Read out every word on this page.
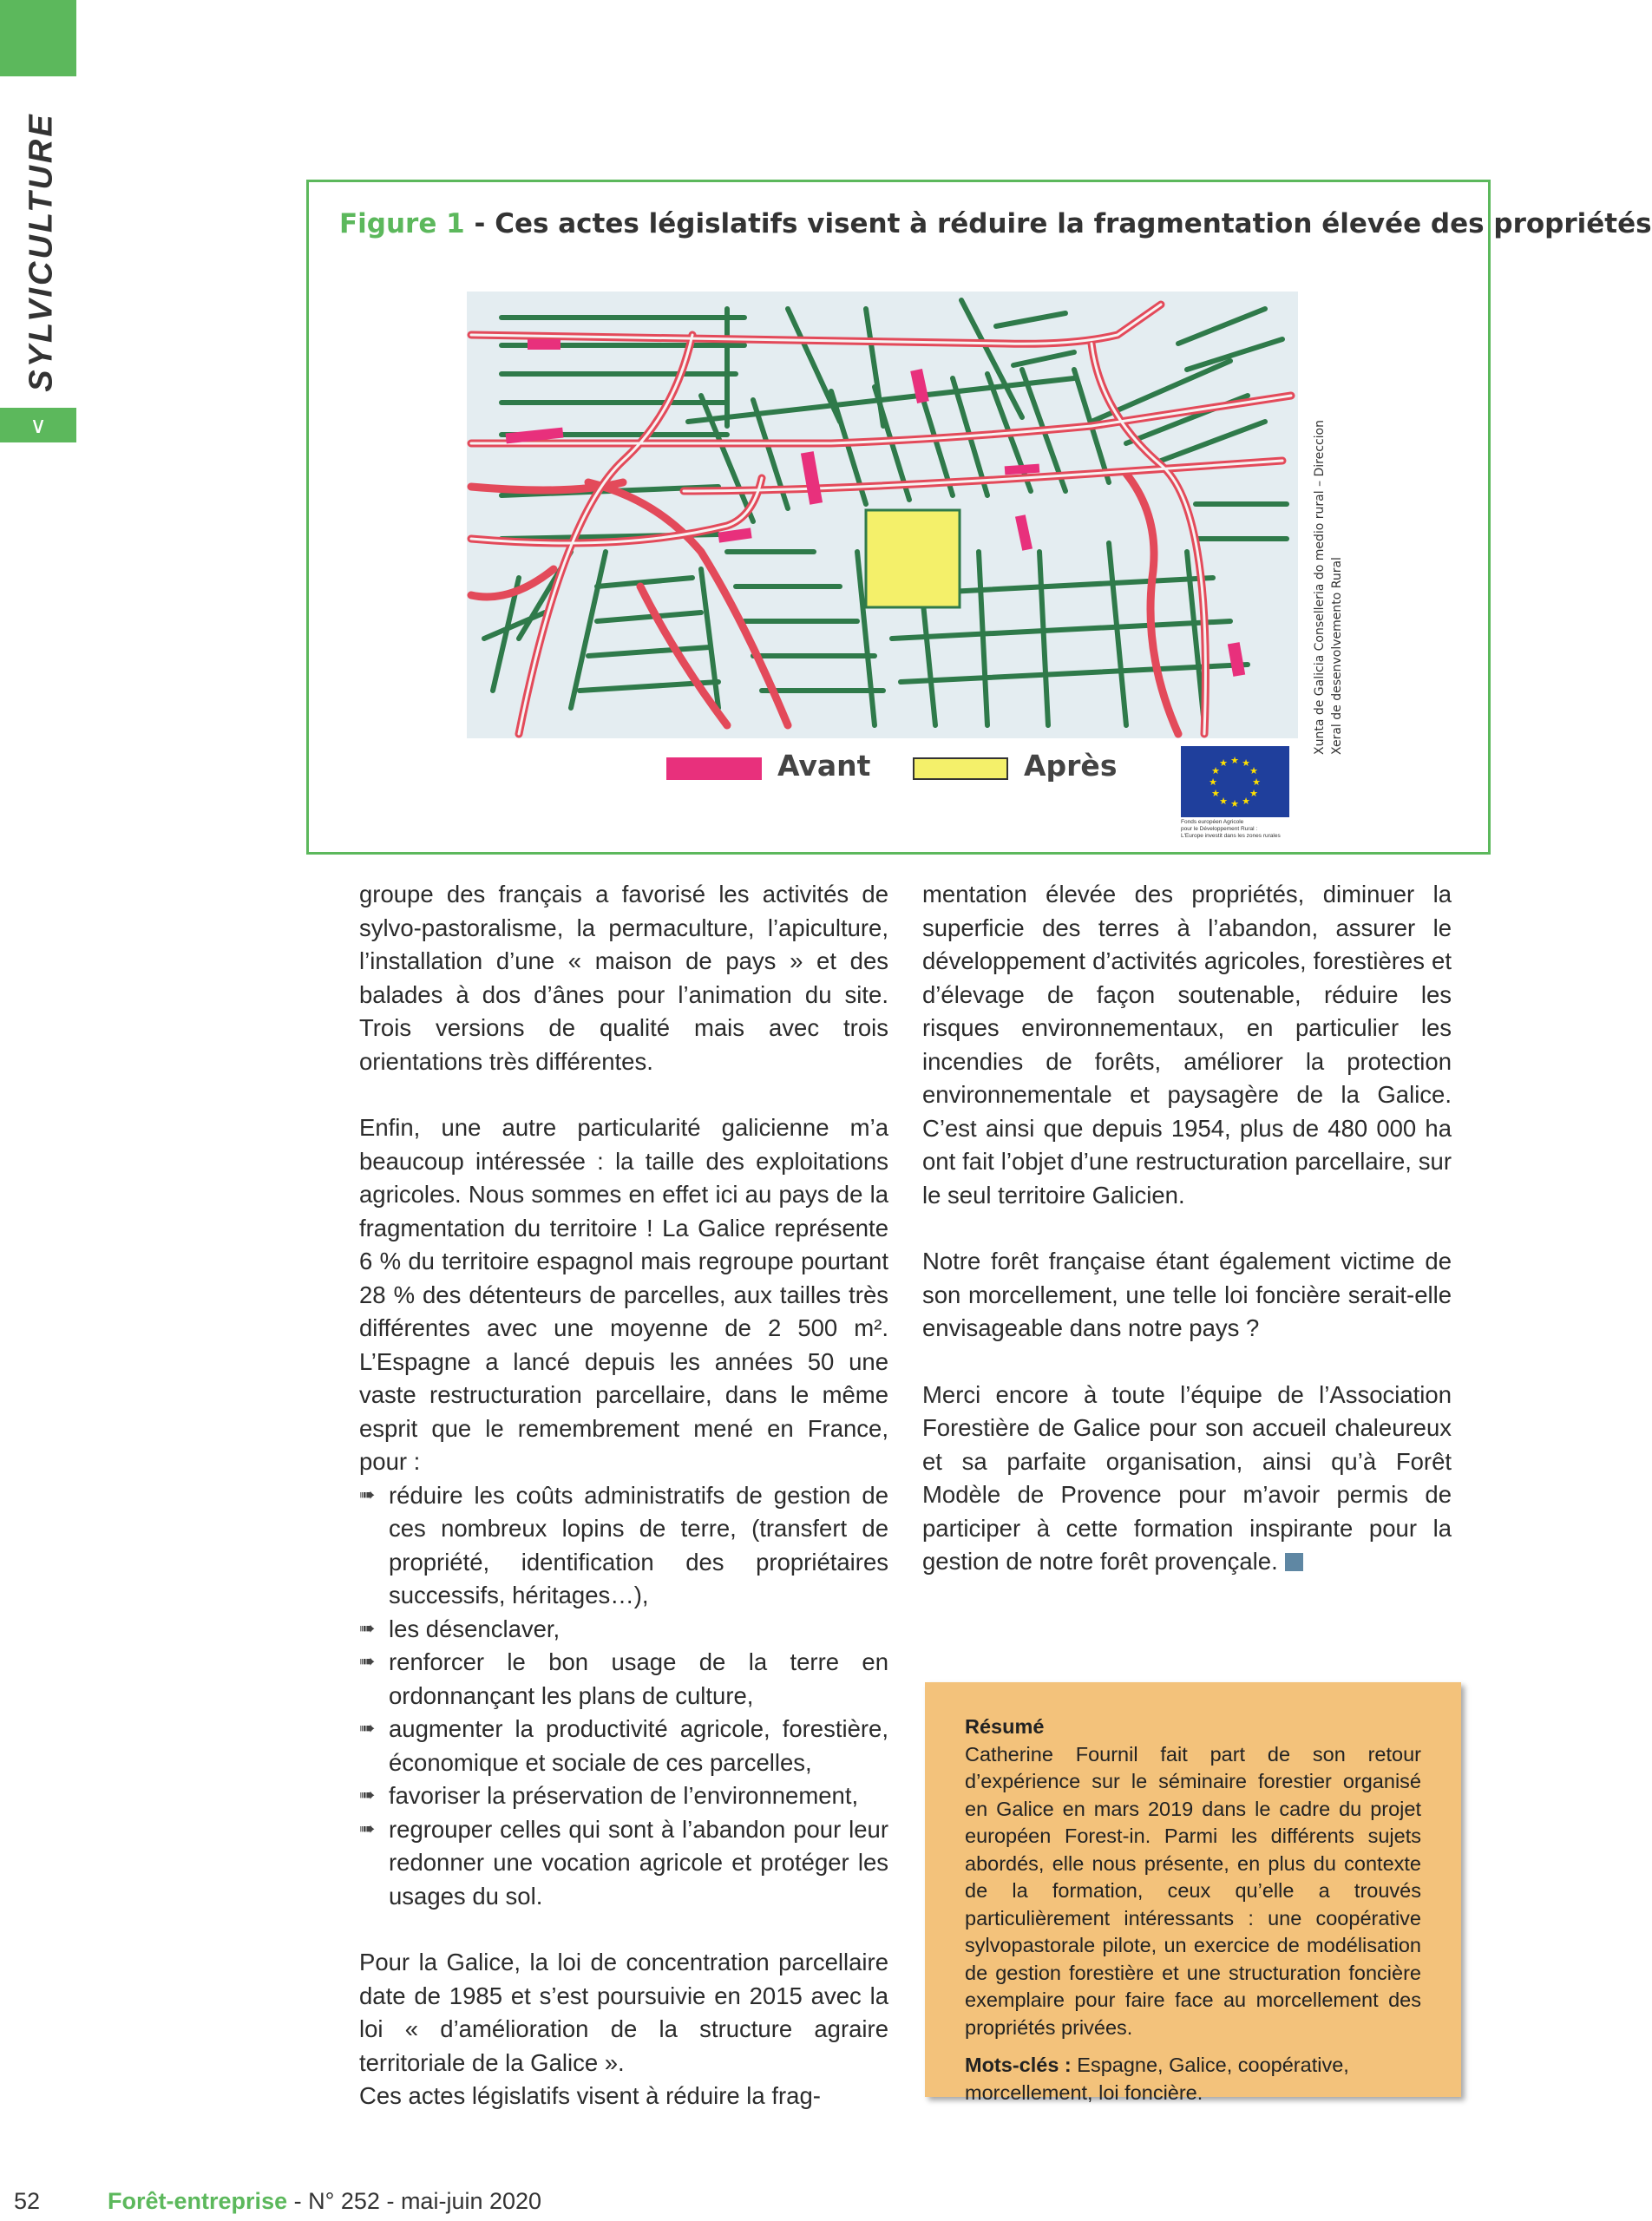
SYLVICULTURE
∨
Figure 1 - Ces actes législatifs visent à réduire la fragmentation élevée des propriétés
Xunta de Galicia Conselleria do medio rural – Direccion Xeral de desenvolvemento Rural
Avant	Après	★ ★
★
★
★
★
★
★
★
★
★
★
Fonds européen Agricole
pour le Développement Rural :
L'Europe investit dans les zones rurales

groupe des français a favorisé les activités de sylvo-pastoralisme, la permaculture, l’apiculture, l’installation d’une « maison de pays » et des balades à dos d’ânes pour l’animation du site. Trois versions de qualité mais avec trois orientations très différentes.

Enfin, une autre particularité galicienne m’a beaucoup intéressée : la taille des exploitations agricoles. Nous sommes en effet ici au pays de la fragmentation du territoire ! La Galice représente 6 % du territoire espagnol mais regroupe pourtant 28 % des détenteurs de parcelles, aux tailles très différentes avec une moyenne de 2 500 m². L’Espagne a lancé depuis les années 50 une vaste restructuration parcellaire, dans le même esprit que le remembrement mené en France, pour :

➠ réduire les coûts administratifs de gestion de ces nombreux lopins de terre, (transfert de propriété, identification des propriétaires successifs, héritages…),
➠ les désenclaver,
➠ renforcer le bon usage de la terre en ordonnançant les plans de culture,
➠ augmenter la productivité agricole, forestière, économique et sociale de ces parcelles,
➠ favoriser la préservation de l’environnement,
➠ regrouper celles qui sont à l’abandon pour leur redonner une vocation agricole et protéger les usages du sol.

Pour la Galice, la loi de concentration parcellaire date de 1985 et s’est poursuivie en 2015 avec la loi « d’amélioration de la structure agraire territoriale de la Galice ».

Ces actes législatifs visent à réduire la frag-

mentation élevée des propriétés, diminuer la superficie des terres à l’abandon, assurer le développement d’activités agricoles, forestières et d’élevage de façon soutenable, réduire les risques environnementaux, en particulier les incendies de forêts, améliorer la protection environnementale et paysagère de la Galice. C’est ainsi que depuis 1954, plus de 480 000 ha ont fait l’objet d’une restructuration parcellaire, sur le seul territoire Galicien.

Notre forêt française étant également victime de son morcellement, une telle loi foncière serait-elle envisageable dans notre pays ?

Merci encore à toute l’équipe de l’Association Forestière de Galice pour son accueil chaleureux et sa parfaite organisation, ainsi qu’à Forêt Modèle de Provence pour m’avoir permis de participer à cette formation inspirante pour la gestion de notre forêt provençale.

Résumé

Catherine Fournil fait part de son retour d’expérience sur le séminaire forestier organisé en Galice en mars 2019 dans le cadre du projet européen Forest-in. Parmi les différents sujets abordés, elle nous présente, en plus du contexte de la formation, ceux qu’elle a trouvés particulièrement intéressants : une coopérative sylvopastorale pilote, un exercice de modélisation de gestion forestière et une structuration foncière exemplaire pour faire face au morcellement des propriétés privées.

Mots-clés : Espagne, Galice, coopérative, morcellement, loi foncière.

52	Forêt-entreprise - N° 252 - mai-juin 2020
